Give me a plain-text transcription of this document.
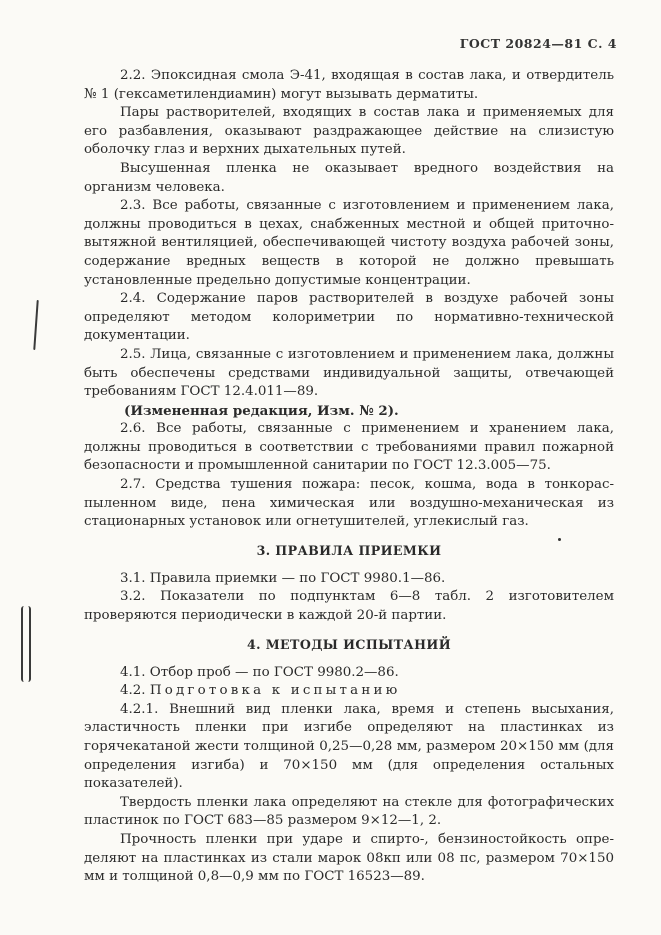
ГОСТ 20824—81 С. 4

2.2. Эпоксидная смола Э-41, входящая в состав лака, и отвердитель № 1 (гексаметилендиамин) могут вызывать дерматиты.

Пары растворителей, входящих в состав лака и применяемых для его разбавления, оказывают раздражающее действие на слизистую оболочку глаз и верхних дыхательных путей.

Высушенная пленка не оказывает вредного воздействия на организм человека.

2.3. Все работы, связанные с изготовлением и применением лака, должны проводиться в цехах, снабженных местной и общей приточно-вытяжной вентиляцией, обеспечивающей чистоту воздуха рабочей зоны, содержание вредных веществ в которой не должно превышать установленные предельно допустимые концентрации.

2.4. Содержание паров растворителей в воздухе рабочей зоны определяют методом колориметрии по нормативно-технической документации.

2.5. Лица, связанные с изготовлением и применением лака, должны быть обеспечены средствами индивидуальной защиты, отвечающей требованиям ГОСТ 12.4.011—89.

(Измененная редакция, Изм. № 2).

2.6. Все работы, связанные с применением и хранением лака, должны проводиться в соответствии с требованиями правил пожарной безопасности и промышленной санитарии по ГОСТ 12.3.005—75.

2.7. Средства тушения пожара: песок, кошма, вода в тонкораспыленном виде, пена химическая или воздушно-механическая из стационарных установок или огнетушителей, углекислый газ.

3. ПРАВИЛА ПРИЕМКИ

3.1. Правила приемки — по ГОСТ 9980.1—86.

3.2. Показатели по подпунктам 6—8 табл. 2 изготовителем проверяются периодически в каждой 20-й партии.

4. МЕТОДЫ ИСПЫТАНИЙ

4.1. Отбор проб — по ГОСТ 9980.2—86.

4.2. Подготовка к испытанию

4.2.1. Внешний вид пленки лака, время и степень высыхания, эластичность пленки при изгибе определяют на пластинках из горячекатаной жести толщиной 0,25—0,28 мм, размером 20×150 мм (для определения изгиба) и 70×150 мм (для определения остальных показателей).

Твердость пленки лака определяют на стекле для фотографических пластинок по ГОСТ 683—85 размером 9×12—1, 2.

Прочность пленки при ударе и спирто-, бензиностойкость определяют на пластинках из стали марок 08кп или 08 пс, размером 70×150 мм и толщиной 0,8—0,9 мм по ГОСТ 16523—89.
